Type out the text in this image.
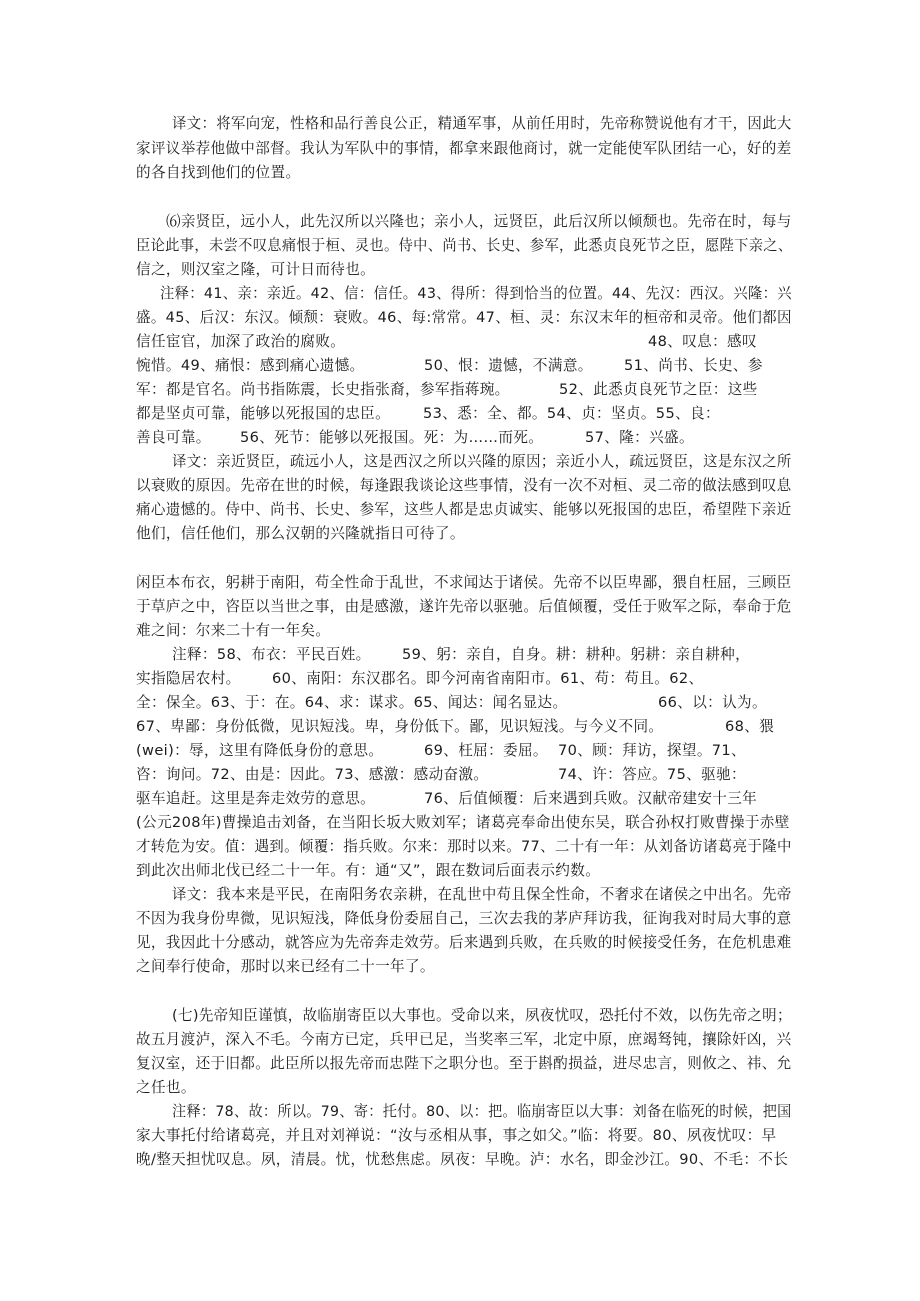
译文：将军向宠，性格和品行善良公正，精通军事，从前任用时，先帝称赞说他有才干，因此大
家评议举荐他做中部督。我认为军队中的事情，都拿来跟他商讨，就一定能使军队团结一心，好的差
的各自找到他们的位置。
⑹亲贤臣，远小人，此先汉所以兴隆也；亲小人，远贤臣，此后汉所以倾颓也。先帝在时，每与
臣论此事，未尝不叹息痛恨于桓、灵也。侍中、尚书、长史、参军，此悉贞良死节之臣，愿陛下亲之、
信之，则汉室之隆，可计日而待也。
注释：41、亲：亲近。42、信：信任。43、得所：得到恰当的位置。44、先汉：西汉。兴隆：兴
盛。45、后汉：东汉。倾颓：衰败。46、每:常常。47、桓、灵：东汉末年的桓帝和灵帝。他们都因
信任宦官，加深了政治的腐败。	48、叹息：感叹
惋惜。49、痛恨：感到痛心遗憾。	50、恨：遗憾，不满意。 51、尚书、长史、参
军：都是官名。尚书指陈震，长史指张裔，参军指蒋琬。	52、此悉贞良死节之臣：这些
都是坚贞可靠，能够以死报国的忠臣。 53、悉：全、都。54、贞：坚贞。55、良：
善良可靠。 56、死节：能够以死报国。死：为……而死。	57、隆：兴盛。
译文：亲近贤臣，疏远小人，这是西汉之所以兴隆的原因；亲近小人，疏远贤臣，这是东汉之所
以衰败的原因。先帝在世的时候，每逢跟我谈论这些事情，没有一次不对桓、灵二帝的做法感到叹息
痛心遗憾的。侍中、尚书、长史、参军，这些人都是忠贞诚实、能够以死报国的忠臣，希望陛下亲近
他们，信任他们，那么汉朝的兴隆就指日可待了。
闲臣本布衣，躬耕于南阳，苟全性命于乱世，不求闻达于诸侯。先帝不以臣卑鄙，猥自枉屈，三顾臣
于草庐之中，咨臣以当世之事，由是感激，遂许先帝以驱驰。后值倾覆，受任于败军之际，奉命于危
难之间：尔来二十有一年矣。
注释：58、布衣：平民百姓。 59、躬：亲自，自身。耕：耕种。躬耕：亲自耕种，
实指隐居农村。 60、南阳：东汉郡名。即今河南省南阳市。61、苟：苟且。62、
全：保全。63、于：在。64、求：谋求。65、闻达：闻名显达。	66、以：认为。
67、卑鄙：身份低微，见识短浅。卑，身份低下。鄙，见识短浅。与今义不同。	68、猥
(wei)：辱，这里有降低身份的意思。	69、枉屈：委屈。 70、顾：拜访，探望。71、
咨：询问。72、由是：因此。73、感激：感动奋激。	74、许：答应。75、驱驰：
驱车追赶。这里是奔走效劳的意思。	76、后值倾覆：后来遇到兵败。汉献帝建安十三年
(公元208年)曹操追击刘备，在当阳长坂大败刘军；诸葛亮奉命出使东吴，联合孙权打败曹操于赤壁
才转危为安。值：遇到。倾覆：指兵败。尔来：那时以来。77、二十有一年：从刘备访诸葛亮于隆中
到此次出师北伐已经二十一年。有：通“又”，跟在数词后面表示约数。
译文：我本来是平民，在南阳务农亲耕，在乱世中苟且保全性命，不奢求在诸侯之中出名。先帝
不因为我身份卑微，见识短浅，降低身份委屈自己，三次去我的茅庐拜访我，征询我对时局大事的意
见，我因此十分感动，就答应为先帝奔走效劳。后来遇到兵败，在兵败的时候接受任务，在危机患难
之间奉行使命，那时以来已经有二十一年了。
(七)先帝知臣谨慎，故临崩寄臣以大事也。受命以来，夙夜忧叹，恐托付不效，以伤先帝之明；
故五月渡泸，深入不毛。今南方已定，兵甲已足，当奖率三军，北定中原，庶竭驽钝，攘除奸凶，兴
复汉室，还于旧都。此臣所以报先帝而忠陛下之职分也。至于斟酌损益，进尽忠言，则攸之、祎、允
之任也。
注释：78、故：所以。79、寄：托付。80、以：把。临崩寄臣以大事：刘备在临死的时候，把国
家大事托付给诸葛亮，并且对刘禅说：“汝与丞相从事，事之如父。”临：将要。80、夙夜忧叹：早
晚/整天担忧叹息。夙，清晨。忧，忧愁焦虑。夙夜：早晚。泸：水名，即金沙江。90、不毛：不长
